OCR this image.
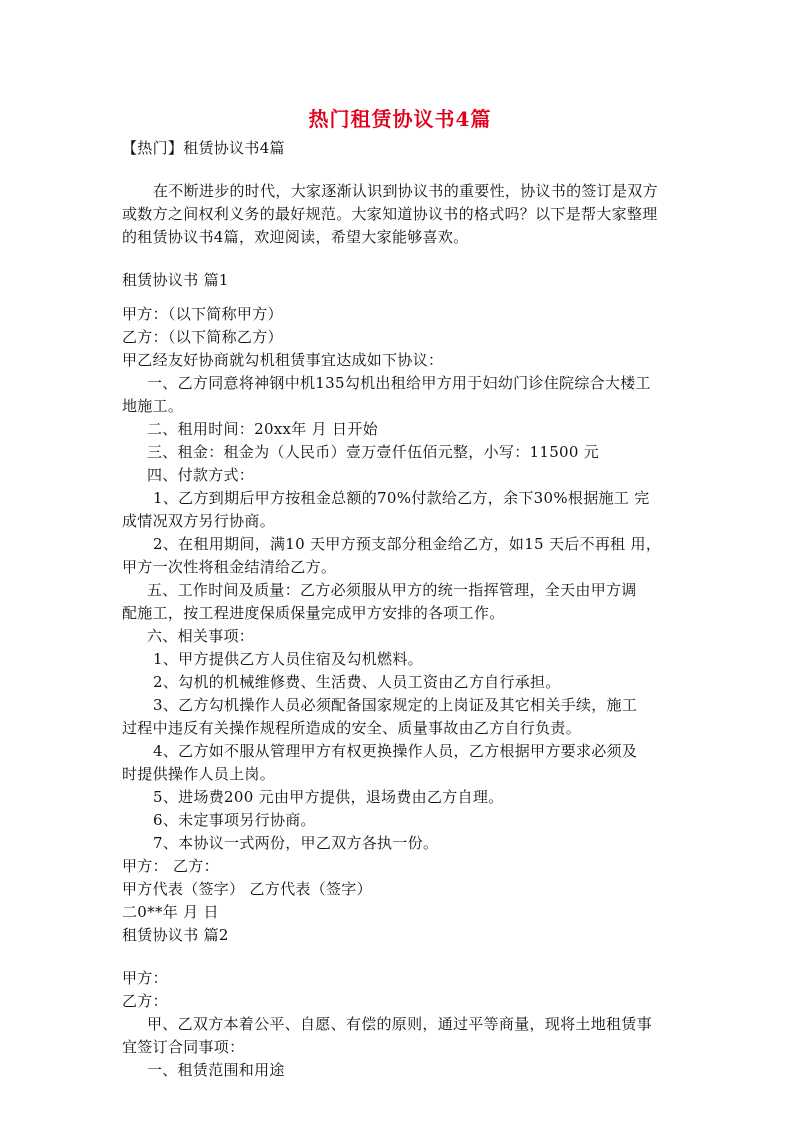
热门租赁协议书4篇
【热门】租赁协议书4篇
在不断进步的时代，大家逐渐认识到协议书的重要性，协议书的签订是双方
或数方之间权利义务的最好规范。大家知道协议书的格式吗？以下是帮大家整理
的租赁协议书4篇，欢迎阅读，希望大家能够喜欢。
租赁协议书 篇1
甲方：（以下简称甲方）
乙方：（以下简称乙方）
甲乙经友好协商就勾机租赁事宜达成如下协议：
一、乙方同意将神钢中机135勾机出租给甲方用于妇幼门诊住院综合大楼工
地施工。
二、租用时间：20xx年 月 日开始
三、租金：租金为（人民币）壹万壹仟伍佰元整，小写：11500 元
四、付款方式：
1、乙方到期后甲方按租金总额的70%付款给乙方，余下30%根据施工 完
成情况双方另行协商。
2、在租用期间，满10 天甲方预支部分租金给乙方，如15 天后不再租 用，
甲方一次性将租金结清给乙方。
五、工作时间及质量：乙方必须服从甲方的统一指挥管理，全天由甲方调
配施工，按工程进度保质保量完成甲方安排的各项工作。
六、相关事项：
1、甲方提供乙方人员住宿及勾机燃料。
2、勾机的机械维修费、生活费、人员工资由乙方自行承担。
3、乙方勾机操作人员必须配备国家规定的上岗证及其它相关手续，施工
过程中违反有关操作规程所造成的安全、质量事故由乙方自行负责。
4、乙方如不服从管理甲方有权更换操作人员，乙方根据甲方要求必须及
时提供操作人员上岗。
5、进场费200 元由甲方提供，退场费由乙方自理。
6、未定事项另行协商。
7、本协议一式两份，甲乙双方各执一份。
甲方： 乙方：
甲方代表（签字） 乙方代表（签字）
二0**年 月 日
租赁协议书 篇2
甲方：
乙方：
甲、乙双方本着公平、自愿、有偿的原则，通过平等商量，现将土地租赁事
宜签订合同事项：
一、租赁范围和用途
